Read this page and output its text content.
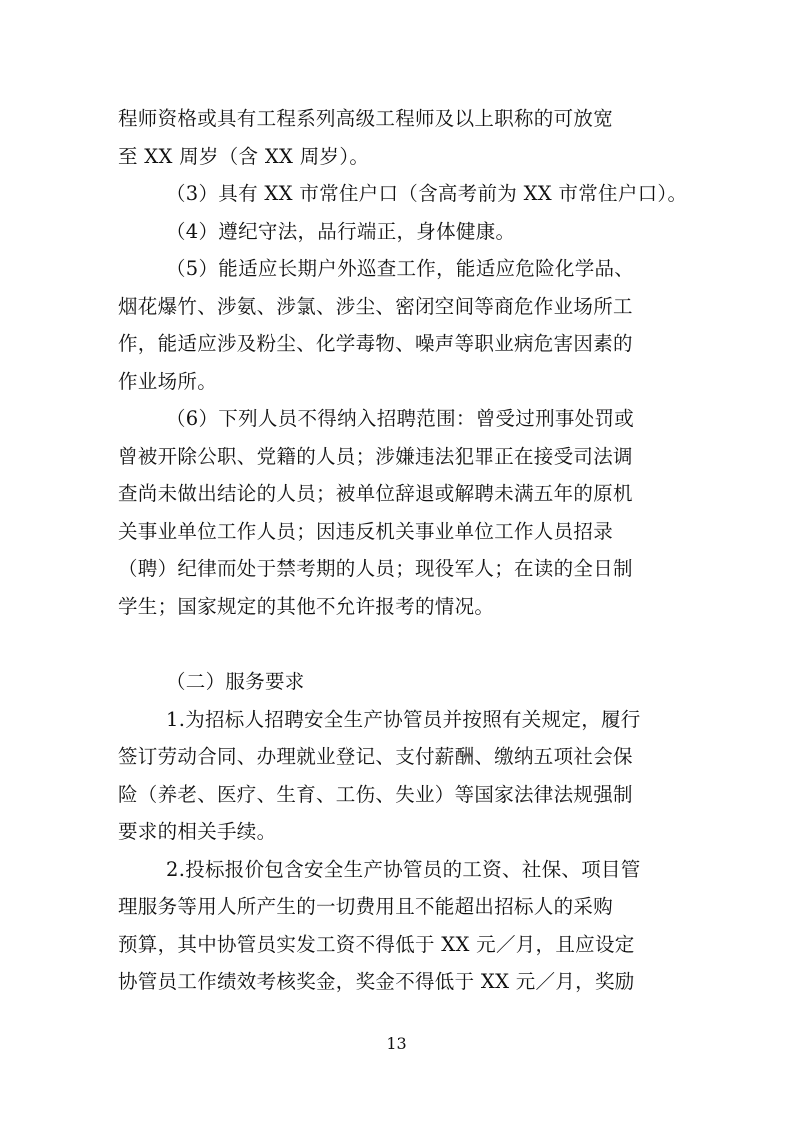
程师资格或具有工程系列高级工程师及以上职称的可放宽
至 XX 周岁（含 XX 周岁）。
（3）具有 XX 市常住户口（含高考前为 XX 市常住户口）。
（4）遵纪守法，品行端正，身体健康。
（5）能适应长期户外巡查工作，能适应危险化学品、
烟花爆竹、涉氨、涉氯、涉尘、密闭空间等商危作业场所工
作，能适应涉及粉尘、化学毒物、噪声等职业病危害因素的
作业场所。
（6）下列人员不得纳入招聘范围：曾受过刑事处罚或
曾被开除公职、党籍的人员；涉嫌违法犯罪正在接受司法调
查尚未做出结论的人员；被单位辞退或解聘未满五年的原机
关事业单位工作人员；因违反机关事业单位工作人员招录
（聘）纪律而处于禁考期的人员；现役军人；在读的全日制
学生；国家规定的其他不允许报考的情况。
（二）服务要求
1.为招标人招聘安全生产协管员并按照有关规定，履行
签订劳动合同、办理就业登记、支付薪酬、缴纳五项社会保
险（养老、医疗、生育、工伤、失业）等国家法律法规强制
要求的相关手续。
2.投标报价包含安全生产协管员的工资、社保、项目管
理服务等用人所产生的一切费用且不能超出招标人的采购
预算，其中协管员实发工资不得低于 XX 元／月，且应设定
协管员工作绩效考核奖金，奖金不得低于 XX 元／月，奖励
13
